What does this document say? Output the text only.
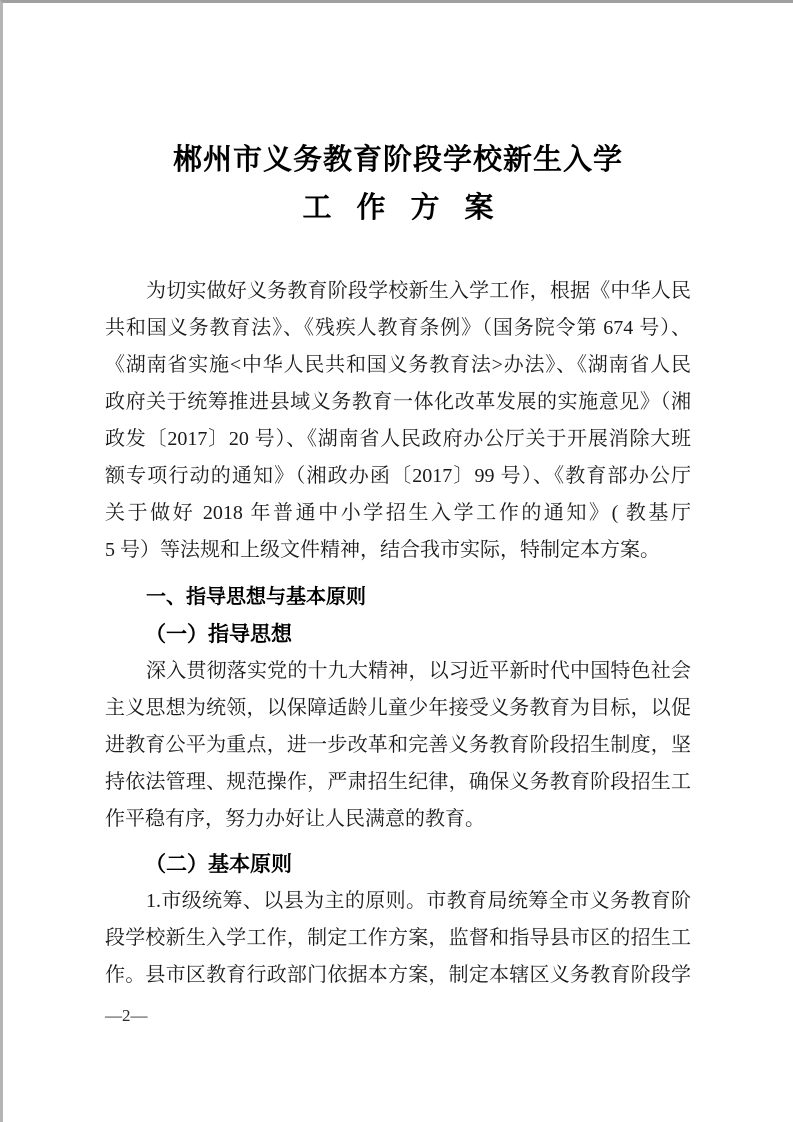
郴州市义务教育阶段学校新生入学
工作方案
为切实做好义务教育阶段学校新生入学工作，根据《中华人民
共和国义务教育法》、《残疾人教育条例》（国务院令第 674 号）、
《湖南省实施<中华人民共和国义务教育法>办法》、《湖南省人民
政府关于统筹推进县域义务教育一体化改革发展的实施意见》（湘
政发〔2017〕20 号）、《湖南省人民政府办公厅关于开展消除大班
额专项行动的通知》（湘政办函〔2017〕99 号）、《教育部办公厅
关于做好 2018 年普通中小学招生入学工作的通知》( 教基厅
5 号）等法规和上级文件精神，结合我市实际，特制定本方案。
一、指导思想与基本原则
（一）指导思想
深入贯彻落实党的十九大精神，以习近平新时代中国特色社会
主义思想为统领，以保障适龄儿童少年接受义务教育为目标，以促
进教育公平为重点，进一步改革和完善义务教育阶段招生制度，坚
持依法管理、规范操作，严肃招生纪律，确保义务教育阶段招生工
作平稳有序，努力办好让人民满意的教育。
（二）基本原则
1.市级统筹、以县为主的原则。市教育局统筹全市义务教育阶
段学校新生入学工作，制定工作方案，监督和指导县市区的招生工
作。县市区教育行政部门依据本方案，制定本辖区义务教育阶段学
—2—
